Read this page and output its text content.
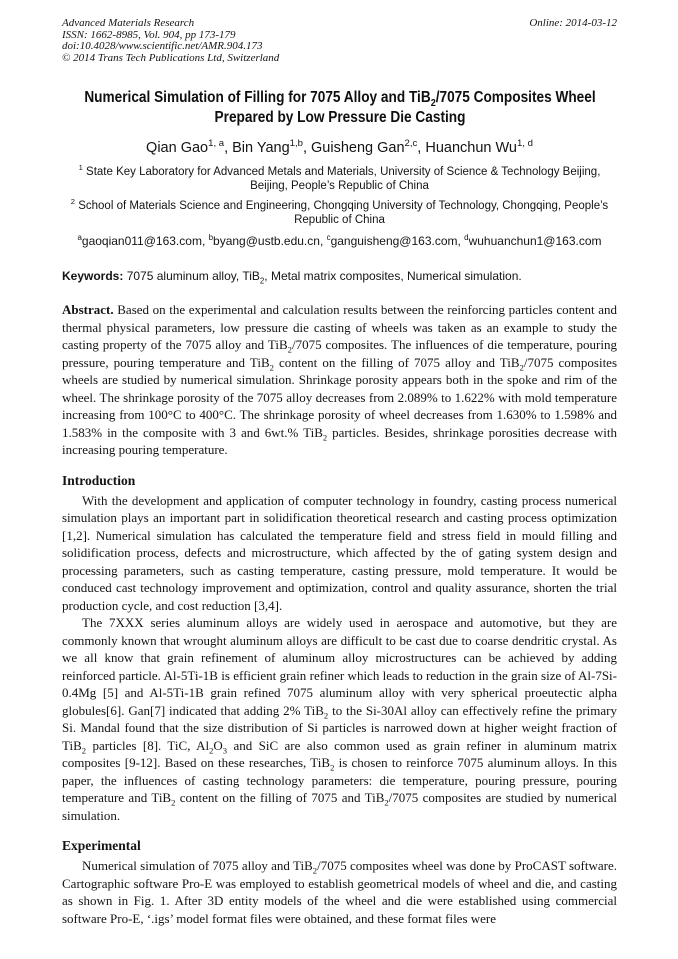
Advanced Materials Research
ISSN: 1662-8985, Vol. 904, pp 173-179
doi:10.4028/www.scientific.net/AMR.904.173
© 2014 Trans Tech Publications Ltd, Switzerland
Online: 2014-03-12
Numerical Simulation of Filling for 7075 Alloy and TiB$_2$/7075 Composites Wheel Prepared by Low Pressure Die Casting

Qian Gao$^{1, a}$, Bin Yang$^{1,b}$, Guisheng Gan$^{2,c}$, Huanchun Wu$^{1, d}$

$^1$ State Key Laboratory for Advanced Metals and Materials, University of Science & Technology Beijing, Beijing, People’s Republic of China

$^2$ School of Materials Science and Engineering, Chongqing University of Technology, Chongqing, People’s Republic of China

$^a$gaoqian011@163.com, $^b$byang@ustb.edu.cn, $^c$ganguisheng@163.com, $^d$wuhuanchun1@163.com

Keywords: 7075 aluminum alloy, TiB$_2$, Metal matrix composites, Numerical simulation.

Abstract. Based on the experimental and calculation results between the reinforcing particles content and thermal physical parameters, low pressure die casting of wheels was taken as an example to study the casting property of the 7075 alloy and TiB$_2$/7075 composites. The influences of die temperature, pouring pressure, pouring temperature and TiB$_2$ content on the filling of 7075 alloy and TiB$_2$/7075 composites wheels are studied by numerical simulation. Shrinkage porosity appears both in the spoke and rim of the wheel. The shrinkage porosity of the 7075 alloy decreases from 2.089% to 1.622% with mold temperature increasing from 100°C to 400°C. The shrinkage porosity of wheel decreases from 1.630% to 1.598% and 1.583% in the composite with 3 and 6wt.% TiB$_2$ particles. Besides, shrinkage porosities decrease with increasing pouring temperature.

Introduction

With the development and application of computer technology in foundry, casting process numerical simulation plays an important part in solidification theoretical research and casting process optimization [1,2]. Numerical simulation has calculated the temperature field and stress field in mould filling and solidification process, defects and microstructure, which affected by the of gating system design and processing parameters, such as casting temperature, casting pressure, mold temperature. It would be conduced cast technology improvement and optimization, control and quality assurance, shorten the trial production cycle, and cost reduction [3,4].

The 7XXX series aluminum alloys are widely used in aerospace and automotive, but they are commonly known that wrought aluminum alloys are difficult to be cast due to coarse dendritic crystal. As we all know that grain refinement of aluminum alloy microstructures can be achieved by adding reinforced particle. Al-5Ti-1B is efficient grain refiner which leads to reduction in the grain size of Al-7Si-0.4Mg [5] and Al-5Ti-1B grain refined 7075 aluminum alloy with very spherical proeutectic alpha globules[6]. Gan[7] indicated that adding 2% TiB$_2$ to the Si-30Al alloy can effectively refine the primary Si. Mandal found that the size distribution of Si particles is narrowed down at higher weight fraction of TiB$_2$ particles [8]. TiC, $Al_2O_3$ and SiC are also common used as grain refiner in aluminum matrix composites [9-12]. Based on these researches, TiB$_2$ is chosen to reinforce 7075 aluminum alloys. In this paper, the influences of casting technology parameters: die temperature, pouring pressure, pouring temperature and TiB$_2$ content on the filling of 7075 and TiB$_2$/7075 composites are studied by numerical simulation.

Experimental

Numerical simulation of 7075 alloy and TiB$_2$/7075 composites wheel was done by ProCAST software. Cartographic software Pro-E was employed to establish geometrical models of wheel and die, and casting as shown in Fig. 1. After 3D entity models of the wheel and die were established using commercial software Pro-E, ‘.igs’ model format files were obtained, and these format files were
